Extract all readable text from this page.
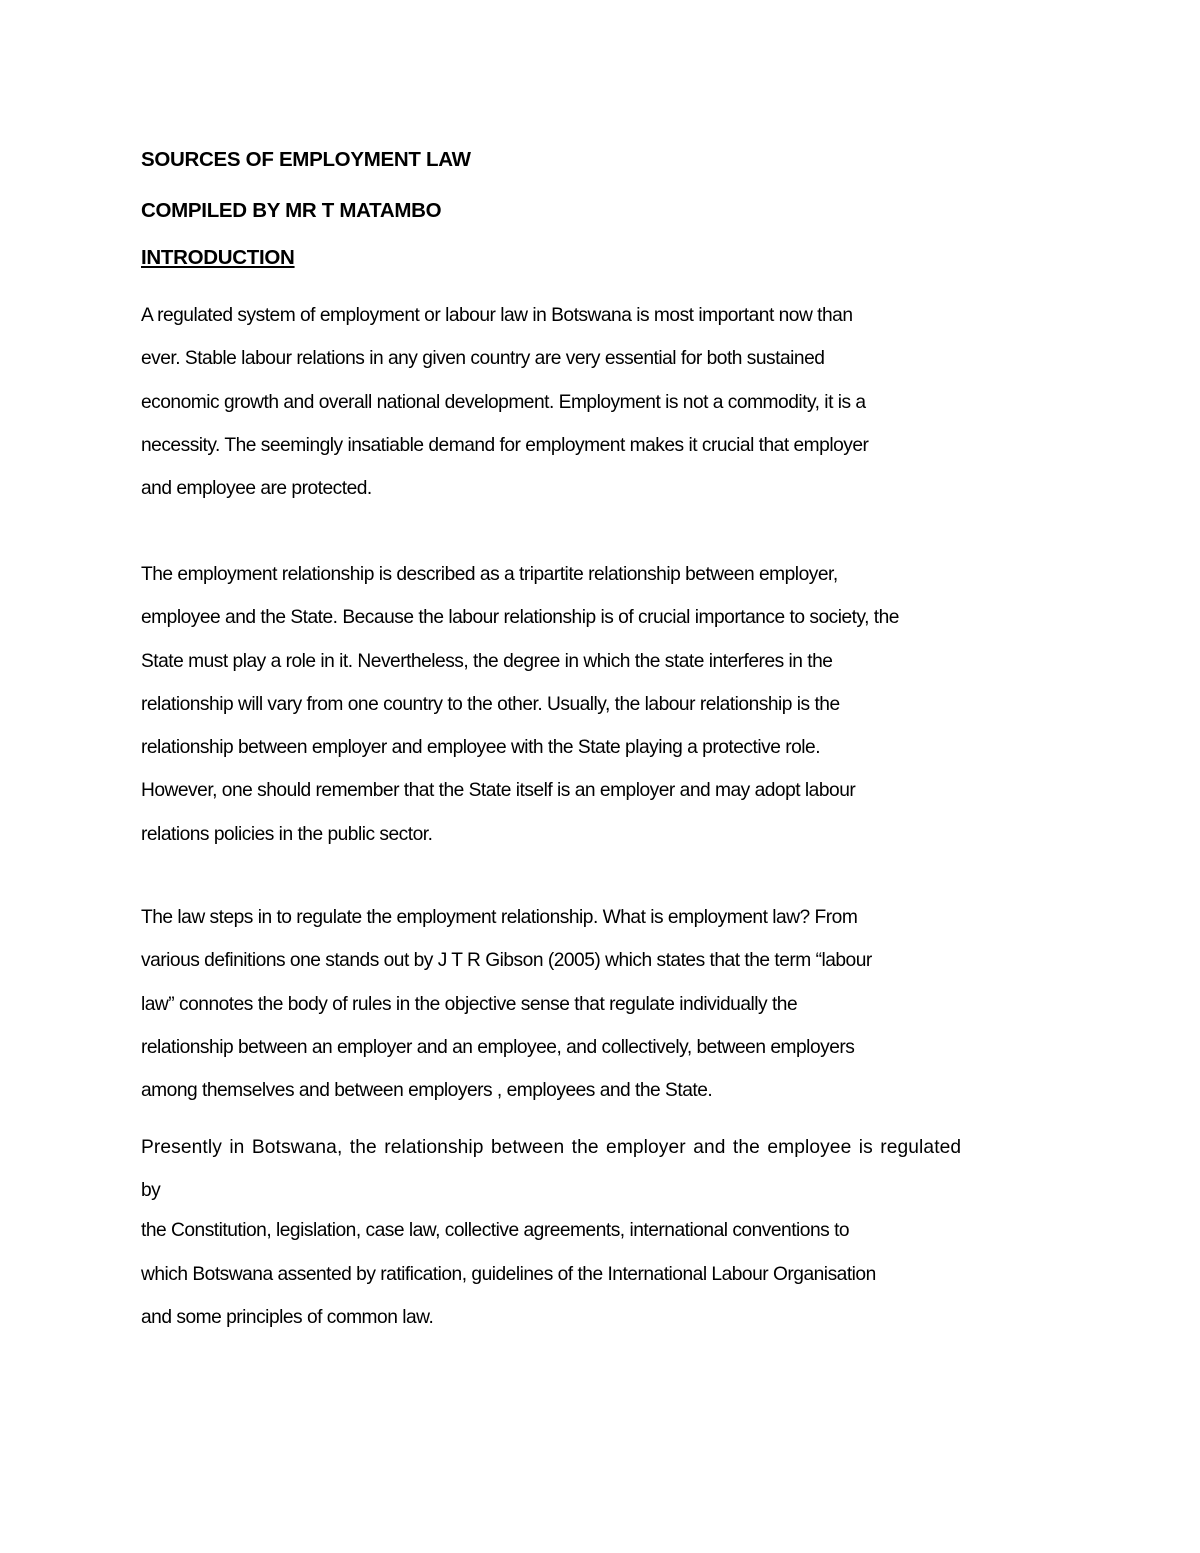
SOURCES OF EMPLOYMENT LAW
COMPILED BY MR T MATAMBO
INTRODUCTION

A regulated system of employment or labour law in Botswana is most important now than
ever. Stable labour relations in any given country are very essential for both sustained
economic growth and overall national development. Employment is not a commodity, it is a
necessity. The seemingly insatiable demand for employment makes it crucial that employer
and employee are protected.

The employment relationship is described as a tripartite relationship between employer,
employee and the State. Because the labour relationship is of crucial importance to society, the
State must play a role in it. Nevertheless, the degree in which the state interferes in the
relationship will vary from one country to the other. Usually, the labour relationship is the
relationship between employer and employee with the State playing a protective role.
However, one should remember that the State itself is an employer and may adopt labour
relations policies in the public sector.

The law steps in to regulate the employment relationship. What is employment law? From
various definitions one stands out by J T R Gibson (2005) which states that the term “labour
law” connotes the body of rules in the objective sense that regulate individually the
relationship between an employer and an employee, and collectively, between employers
among themselves and between employers , employees and the State.

Presently in Botswana, the relationship between the employer and the employee is regulated
by
the Constitution, legislation, case law, collective agreements, international conventions to
which Botswana assented by ratification, guidelines of the International Labour Organisation
and some principles of common law.
